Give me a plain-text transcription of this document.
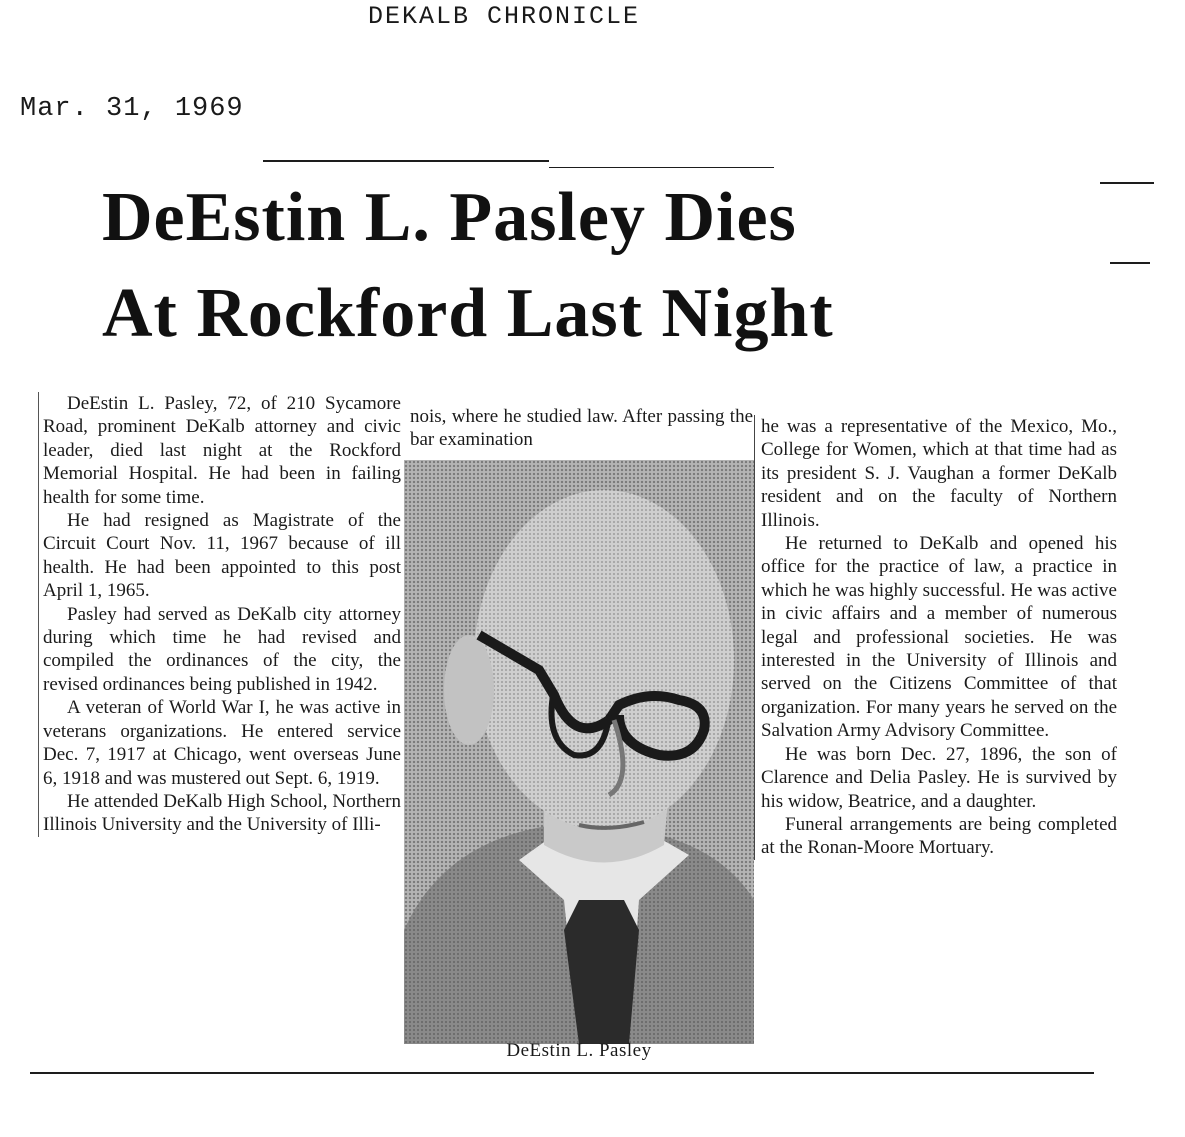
DEKALB CHRONICLE
Mar. 31, 1969
DeEstin L. Pasley Dies
At Rockford Last Night

DeEstin L. Pasley, 72, of 210 Sycamore Road, prominent DeKalb attorney and civic leader, died last night at the Rockford Memorial Hospital. He had been in failing health for some time.

He had resigned as Magistrate of the Circuit Court Nov. 11, 1967 because of ill health. He had been appointed to this post April 1, 1965.

Pasley had served as DeKalb city attorney during which time he had revised and compiled the ordinances of the city, the revised ordinances being published in 1942.

A veteran of World War I, he was active in veterans organizations. He entered service Dec. 7, 1917 at Chicago, went overseas June 6, 1918 and was mustered out Sept. 6, 1919.

He attended DeKalb High School, Northern Illinois University and the University of Illi-

nois, where he studied law. After passing the bar examination

DeEstin L. Pasley

he was a representative of the Mexico, Mo., College for Women, which at that time had as its president S. J. Vaughan a former DeKalb resident and on the faculty of Northern Illinois.

He returned to DeKalb and opened his office for the practice of law, a practice in which he was highly successful. He was active in civic affairs and a member of numerous legal and professional societies. He was interested in the University of Illinois and served on the Citizens Committee of that organization. For many years he served on the Salvation Army Advisory Committee.

He was born Dec. 27, 1896, the son of Clarence and Delia Pasley. He is survived by his widow, Beatrice, and a daughter.

Funeral arrangements are being completed at the Ronan-Moore Mortuary.
